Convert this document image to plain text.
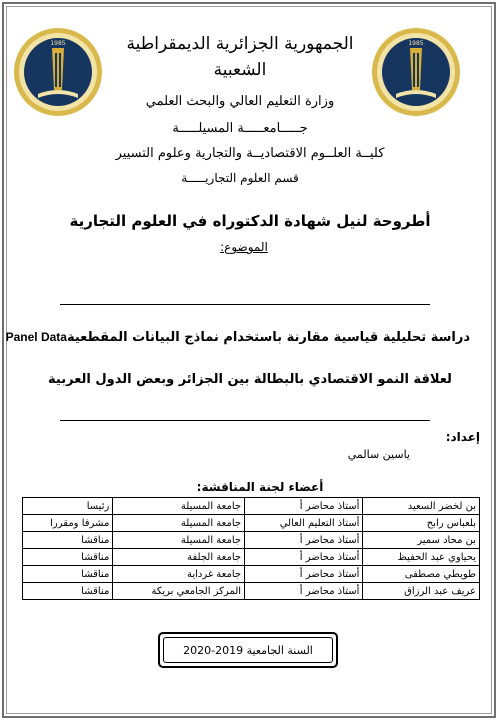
1985	1985
الجمهورية الجزائرية الديمقراطية
الشعبية
وزارة التعليم العالي والبحث العلمي
جـــــامعـــــة المسيلـــــة
كليــة العلــوم الاقتصاديــة والتجارية وعلوم التسيير
قسم العلوم التجاريـــــة
أطروحة لنيل شهادة الدكتوراه في العلوم التجارية
الموضوع:
دراسة تحليلية قياسية مقارنة باستخدام نماذج البيانات المقطعيةPanel Data
لعلاقة النمو الاقتصادي بالبطالة بين الجزائر وبعض الدول العربية
إعداد:
ياسين سالمي
أعضاء لجنة المناقشة:
بن لخضر السعيد	أستاذ محاضر أ	جامعة المسيلة	رئيسا
بلعباس رابح	أستاذ التعليم العالي	جامعة المسيلة	مشرفا ومقررا
بن محاد سمير	أستاذ محاضر أ	جامعة المسيلة	مناقشا
يحياوي عبد الحفيظ	أستاذ محاضر أ	جامعة الجلفة	مناقشا
طويطي مصطفى	أستاذ محاضر أ	جامعة غرداية	مناقشا
عريف عبد الرزاق	أستاذ محاضر أ	المركز الجامعي بريكة	مناقشا
السنة الجامعية 2019-2020
